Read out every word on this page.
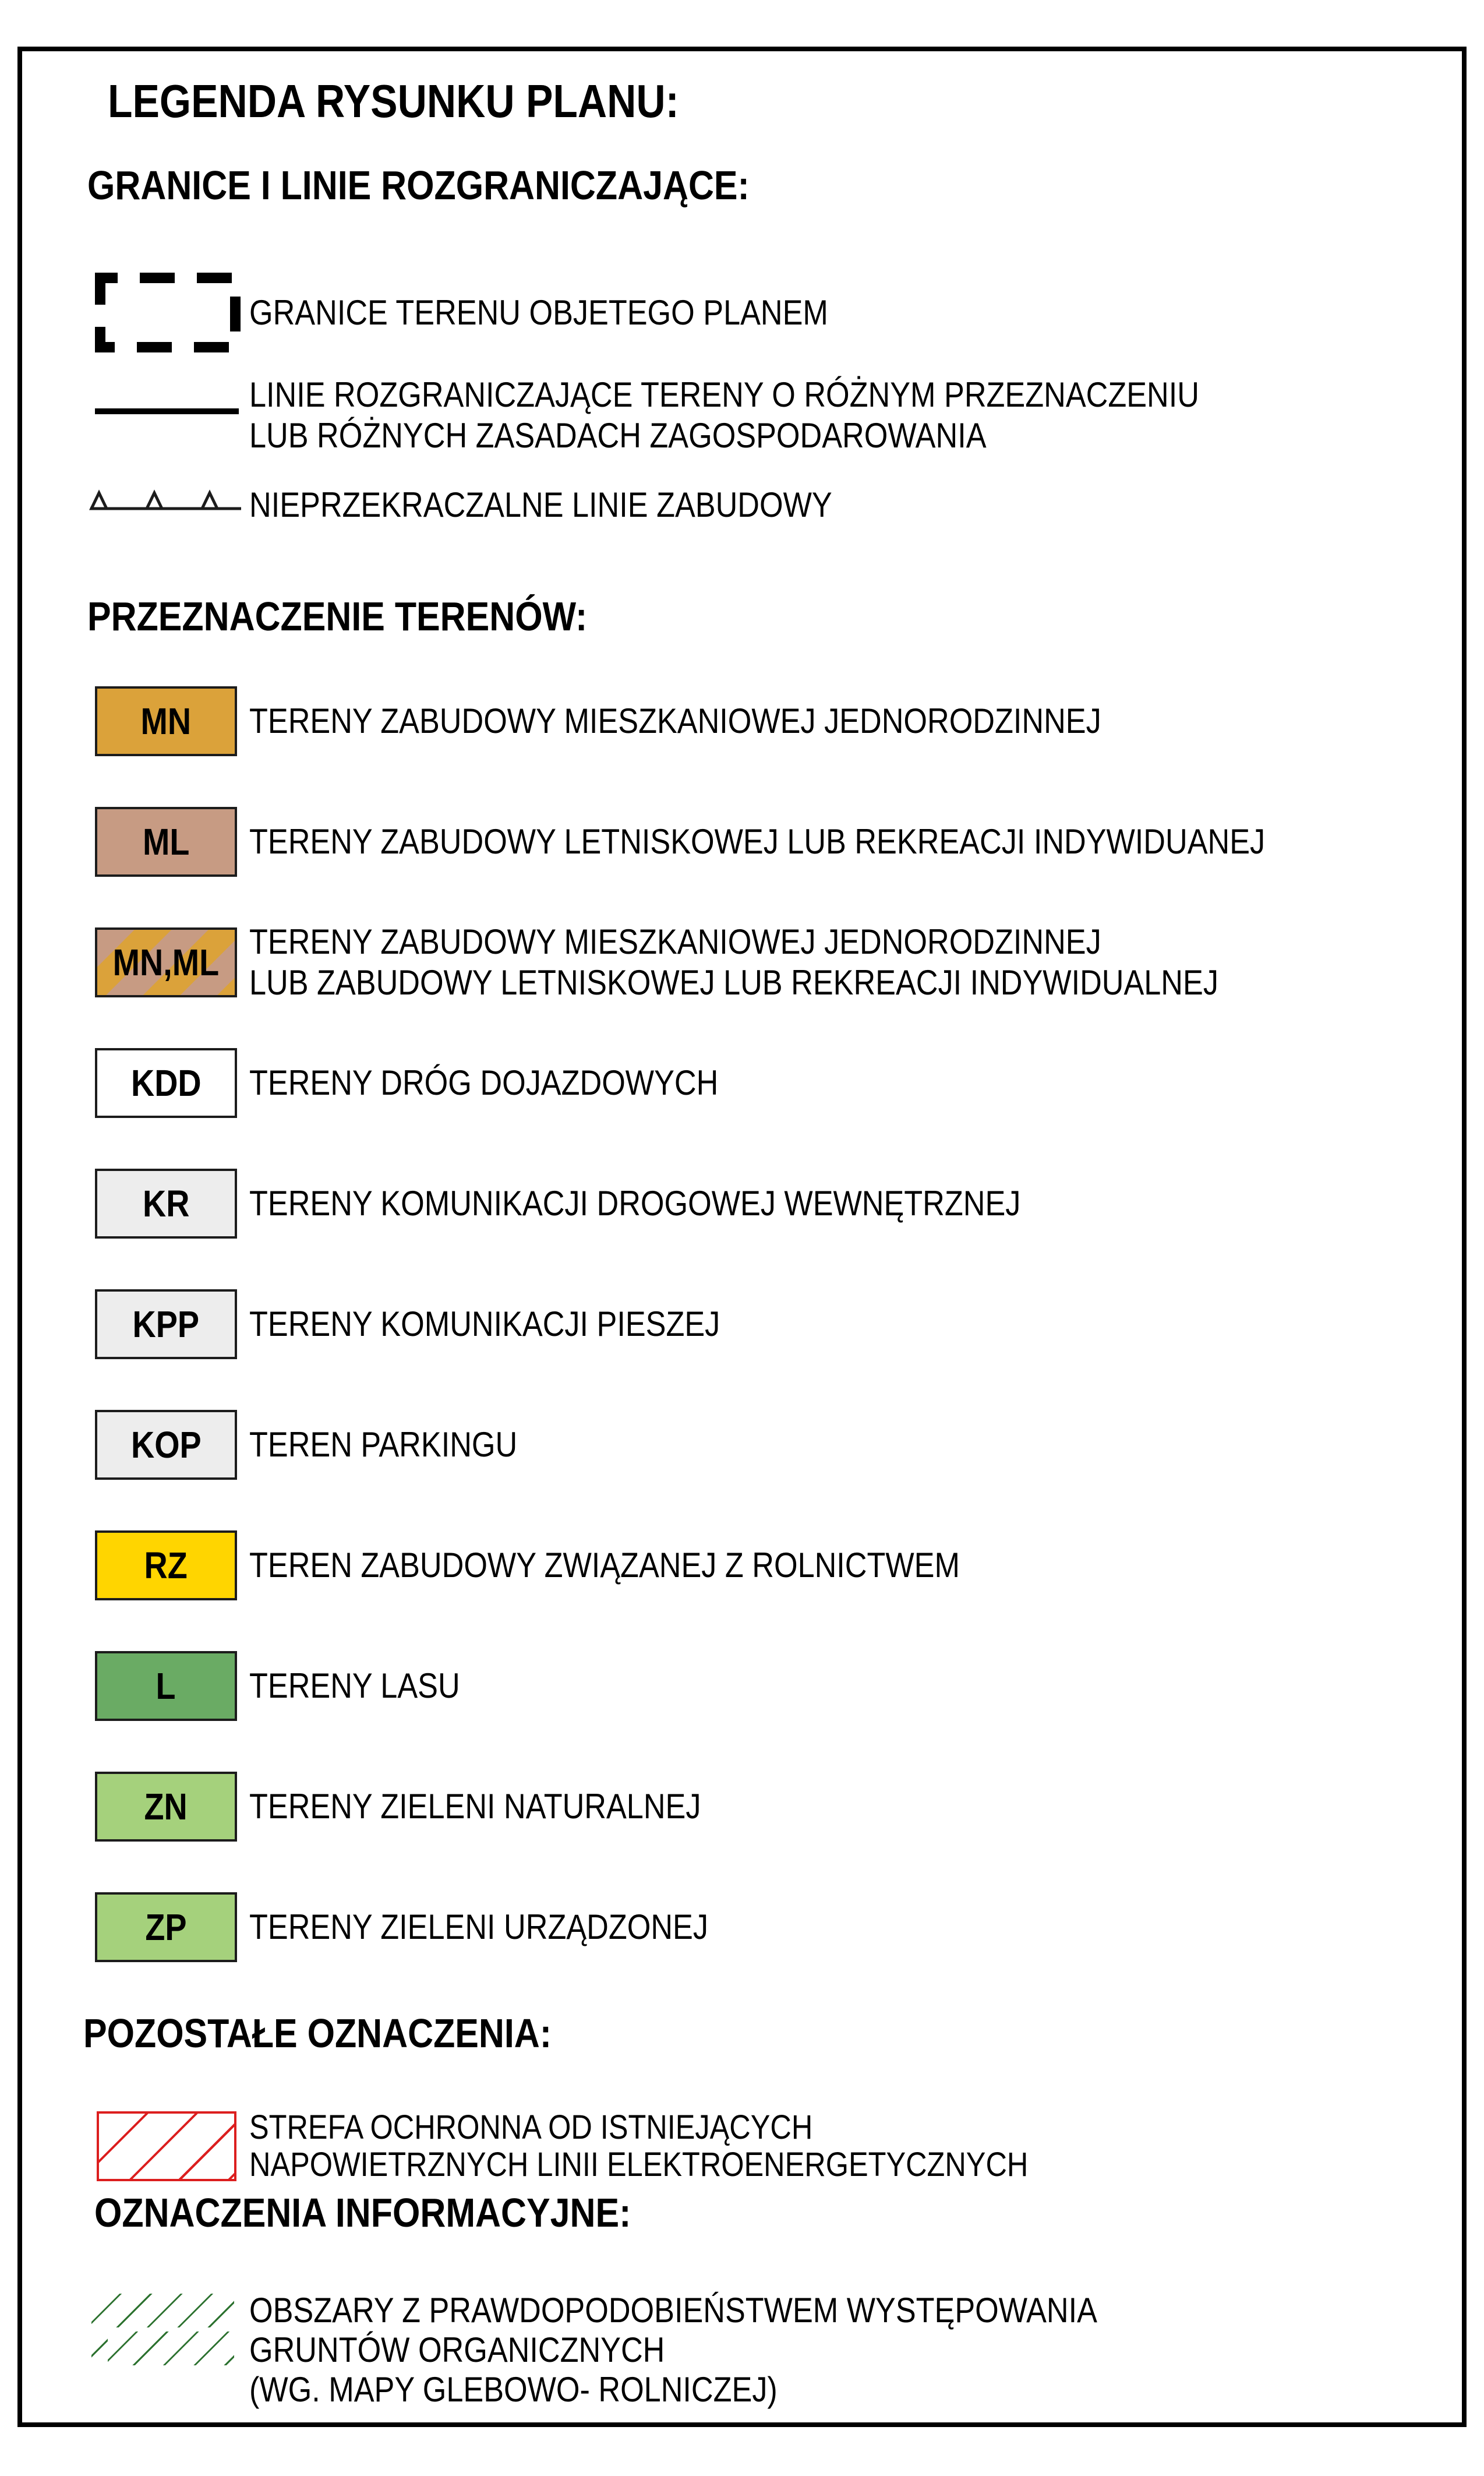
LEGENDA RYSUNKU PLANU:
GRANICE I LINIE ROZGRANICZAJĄCE:
GRANICE TERENU OBJETEGO PLANEM
LINIE ROZGRANICZAJĄCE TERENY O RÓŻNYM PRZEZNACZENIU
LUB RÓŻNYCH ZASADACH ZAGOSPODAROWANIA
NIEPRZEKRACZALNE LINIE ZABUDOWY
PRZEZNACZENIE TERENÓW:
MN TERENY ZABUDOWY MIESZKANIOWEJ JEDNORODZINNEJ
ML TERENY ZABUDOWY LETNISKOWEJ LUB REKREACJI INDYWIDUANEJ
MN,ML TERENY ZABUDOWY MIESZKANIOWEJ JEDNORODZINNEJ
LUB ZABUDOWY LETNISKOWEJ LUB REKREACJI INDYWIDUALNEJ
KDD TERENY DRÓG DOJAZDOWYCH
KR TERENY KOMUNIKACJI DROGOWEJ WEWNĘTRZNEJ
KPP TERENY KOMUNIKACJI PIESZEJ
KOP TEREN PARKINGU
RZ TEREN ZABUDOWY ZWIĄZANEJ Z ROLNICTWEM
L TERENY LASU
ZN TERENY ZIELENI NATURALNEJ
ZP TERENY ZIELENI URZĄDZONEJ
POZOSTAŁE OZNACZENIA:
STREFA OCHRONNA OD ISTNIEJĄCYCH
NAPOWIETRZNYCH LINII ELEKTROENERGETYCZNYCH
OZNACZENIA INFORMACYJNE:
OBSZARY Z PRAWDOPODOBIEŃSTWEM WYSTĘPOWANIA
GRUNTÓW ORGANICZNYCH
(WG. MAPY GLEBOWO- ROLNICZEJ)
